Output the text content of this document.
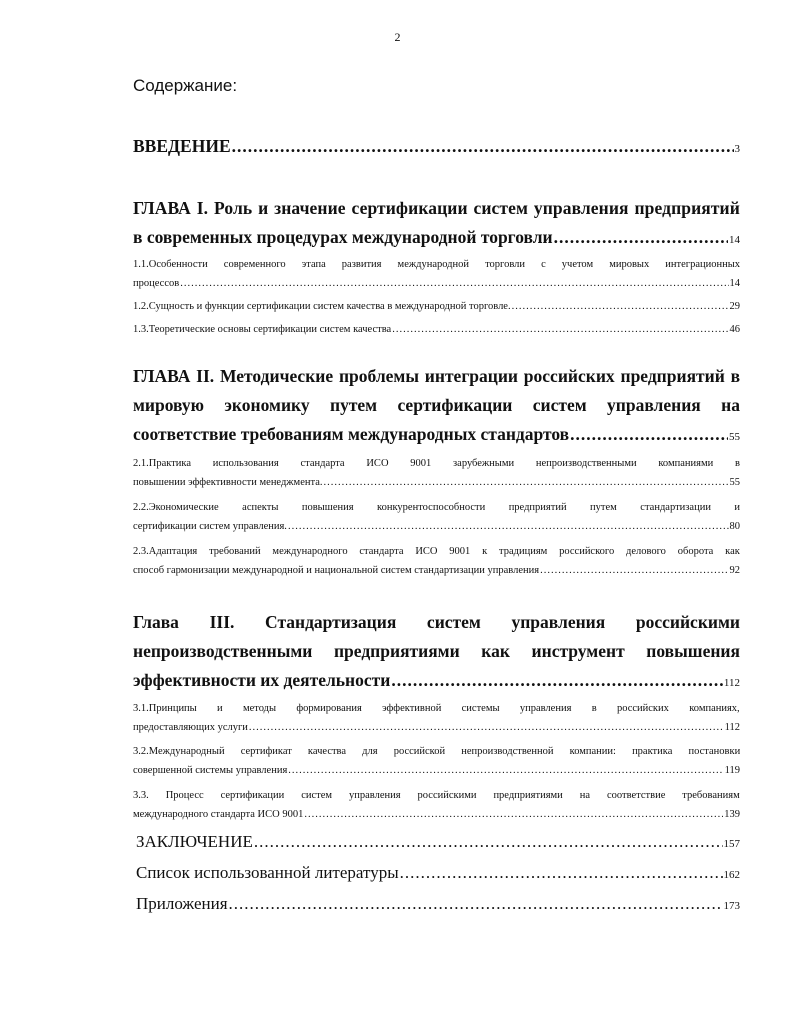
2
Содержание:
ВВЕДЕНИЕ .....	3
ГЛАВА I. Роль и значение сертификации систем управления предприятий
в современных процедурах международной торговли .....	14
1.1.Особенности современного этапа развития международной торговли с учетом мировых интеграционных
процессов .....	14
1.2.Сущность и функции сертификации систем качества в международной торговле. .....	29
1.3.Теоретические основы сертификации систем качества .....	46
ГЛАВА II. Методические проблемы интеграции российских предприятий в
мировую экономику путем сертификации систем управления на
соответствие требованиям международных стандартов .....	55
2.1.Практика использования стандарта ИСО 9001 зарубежными непроизводственными компаниями в
повышении эффективности менеджмента. .....	55
2.2.Экономические аспекты повышения конкурентоспособности предприятий путем стандартизации и
сертификации систем управления. .....	80
2.3.Адаптация требований международного стандарта ИСО 9001 к традициям российского делового оборота как
способ гармонизации международной и национальной систем стандартизации управления .....	92
Глава III. Стандартизация систем управления российскими
непроизводственными предприятиями как инструмент повышения
эффективности их деятельности .....	112
3.1.Принципы и методы формирования эффективной системы управления в российских компаниях,
предоставляющих услуги .....	112
3.2.Международный сертификат качества для российской непроизводственной компании: практика постановки
совершенной системы управления .....	119
3.3. Процесс сертификации систем управления российскими предприятиями на соответствие требованиям
международного стандарта ИСО 9001 .....	139
ЗАКЛЮЧЕНИЕ .....	157
Список использованной литературы .....	162
Приложения .....	173
